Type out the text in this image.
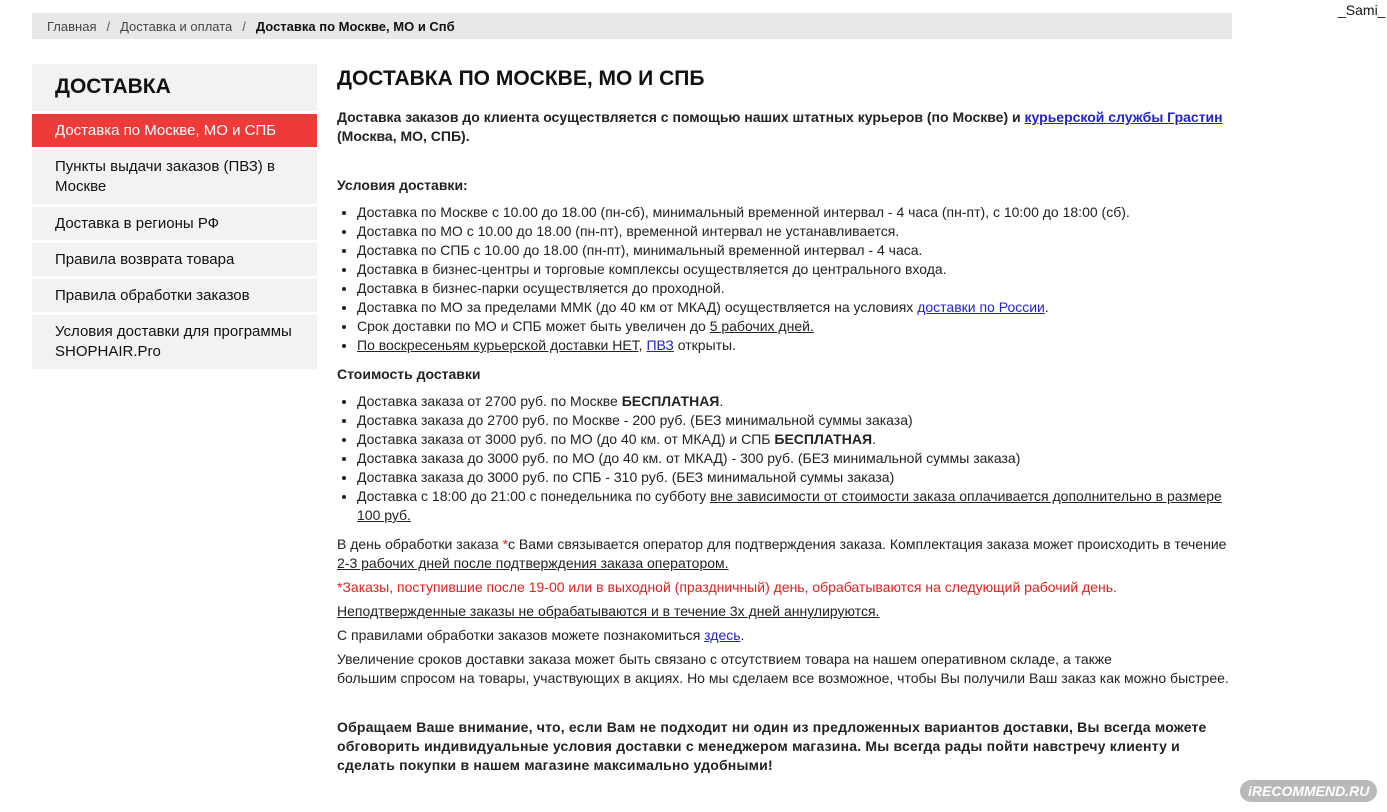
_Sami_
Главная / Доставка и оплата / Доставка по Москве, МО и Спб
ДОСТАВКА
Доставка по Москве, МО и СПБ
Пункты выдачи заказов (ПВЗ) в Москве
Доставка в регионы РФ
Правила возврата товара
Правила обработки заказов
Условия доставки для программы SHOPHAIR.Pro
ДОСТАВКА ПО МОСКВЕ, МО И СПБ

Доставка заказов до клиента осуществляется с помощью наших штатных курьеров (по Москве) и курьерской службы Грастин (Москва, МО, СПБ).

Условия доставки:
• Доставка по Москве с 10.00 до 18.00 (пн-сб), минимальный временной интервал - 4 часа (пн-пт), с 10:00 до 18:00 (сб).
• Доставка по МО с 10.00 до 18.00 (пн-пт), временной интервал не устанавливается.
• Доставка по СПБ с 10.00 до 18.00 (пн-пт), минимальный временной интервал - 4 часа.
• Доставка в бизнес-центры и торговые комплексы осуществляется до центрального входа.
• Доставка в бизнес-парки осуществляется до проходной.
• Доставка по МО за пределами ММК (до 40 км от МКАД) осуществляется на условиях доставки по России.
• Срок доставки по МО и СПБ может быть увеличен до 5 рабочих дней.
• По воскресеньям курьерской доставки НЕТ, ПВЗ открыты.
Стоимость доставки
• Доставка заказа от 2700 руб. по Москве БЕСПЛАТНАЯ.
• Доставка заказа до 2700 руб. по Москве - 200 руб. (БЕЗ минимальной суммы заказа)
• Доставка заказа от 3000 руб. по МО (до 40 км. от МКАД) и СПБ БЕСПЛАТНАЯ.
• Доставка заказа до 3000 руб. по МО (до 40 км. от МКАД) - 300 руб. (БЕЗ минимальной суммы заказа)
• Доставка заказа до 3000 руб. по СПБ - 310 руб. (БЕЗ минимальной суммы заказа)
• Доставка с 18:00 до 21:00 с понедельника по субботу вне зависимости от стоимости заказа оплачивается дополнительно в размере 100 руб.

В день обработки заказа *с Вами связывается оператор для подтверждения заказа. Комплектация заказа может происходить в течение 2-3 рабочих дней после подтверждения заказа оператором.

*Заказы, поступившие после 19-00 или в выходной (праздничный) день, обрабатываются на следующий рабочий день.

Неподтвержденные заказы не обрабатываются и в течение 3х дней аннулируются.

С правилами обработки заказов можете познакомиться здесь.

Увеличение сроков доставки заказа может быть связано с отсутствием товара на нашем оперативном складе, а также
большим спросом на товары, участвующих в акциях. Но мы сделаем все возможное, чтобы Вы получили Ваш заказ как можно быстрее.

Обращаем Ваше внимание, что, если Вам не подходит ни один из предложенных вариантов доставки, Вы всегда можете обговорить индивидуальные условия доставки с менеджером магазина. Мы всегда рады пойти навстречу клиенту и сделать покупки в нашем магазине максимально удобными!

iRECOMMEND.RU
